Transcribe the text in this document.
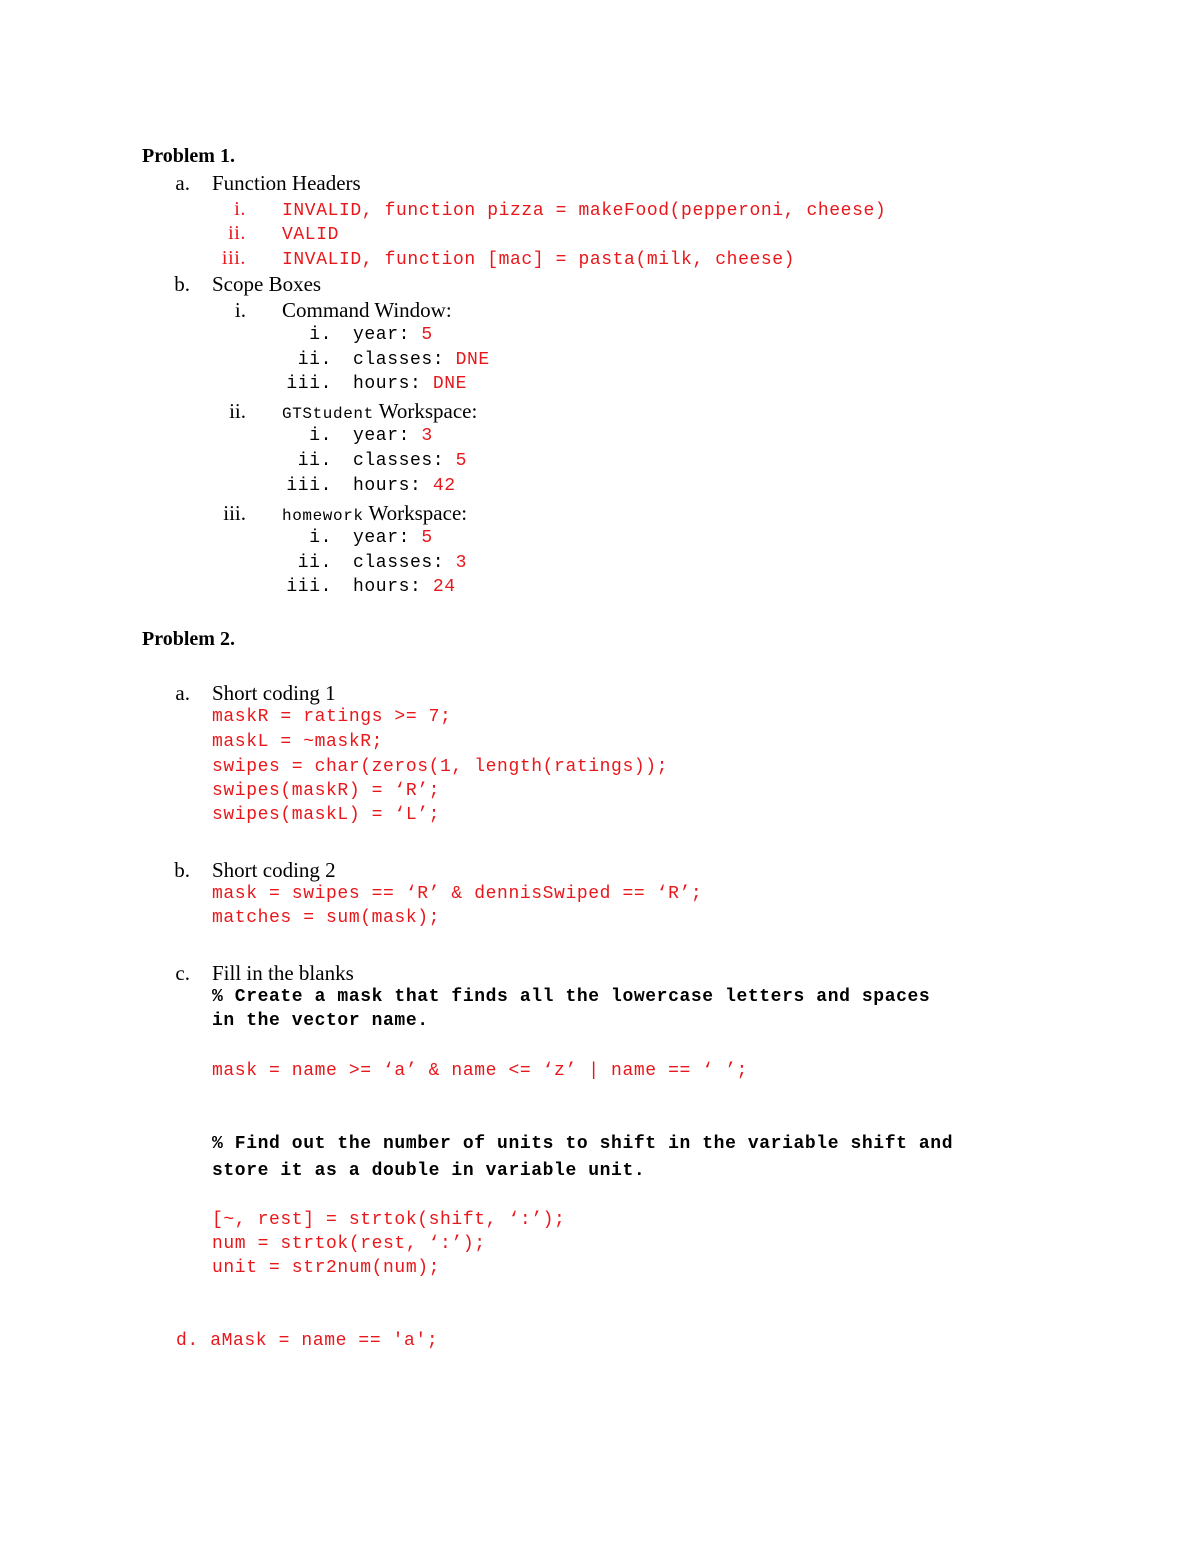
Problem 1.
a. Function Headers
i. INVALID, function pizza = makeFood(pepperoni, cheese)
ii. VALID
iii. INVALID, function [mac] = pasta(milk, cheese)
b. Scope Boxes
i. Command Window:
i. year: 5
ii. classes: DNE
iii. hours: DNE
ii. GTStudent Workspace:
i. year: 3
ii. classes: 5
iii. hours: 42
iii. homework Workspace:
i. year: 5
ii. classes: 3
iii. hours: 24
Problem 2.
a. Short coding 1
maskR = ratings >= 7;
maskL = ~maskR;
swipes = char(zeros(1, length(ratings));
swipes(maskR) = ‘R’;
swipes(maskL) = ‘L’;
b. Short coding 2
mask = swipes == ‘R’ & dennisSwiped == ‘R’;
matches = sum(mask);
c. Fill in the blanks
% Create a mask that finds all the lowercase letters and spaces
in the vector name.
mask = name >= ‘a’ & name <= ‘z’ | name == ‘ ’;
% Find out the number of units to shift in the variable shift and
store it as a double in variable unit.
[~, rest] = strtok(shift, ‘:’);
num = strtok(rest, ‘:’);
unit = str2num(num);
d. aMask = name == 'a';
